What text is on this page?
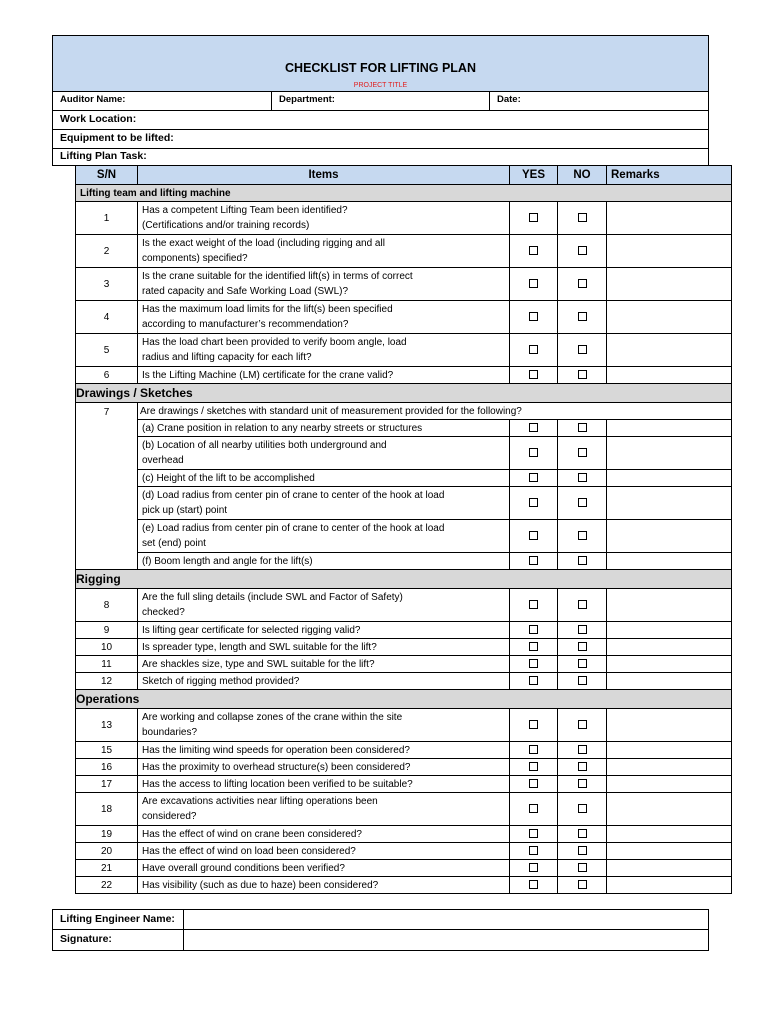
CHECKLIST FOR LIFTING PLAN
PROJECT TITLE
Auditor Name:	Department:	Date:
Work Location:
Equipment to be lifted:
Lifting Plan Task:
S/N	Items	YES	NO	Remarks
Lifting team and lifting machine				
1	Has a competent Lifting Team been identified?
(Certifications and/or training records)			

2	Is the exact weight of the load (including rigging and all
components) specified?			

3	Is the crane suitable for the identified lift(s) in terms of correct
rated capacity and Safe Working Load (SWL)?			

4	Has the maximum load limits for the lift(s) been specified
according to manufacturer’s recommendation?			

5	Has the load chart been provided to verify boom angle, load
radius and lifting capacity for each lift?			

6	Is the Lifting Machine (LM) certificate for the crane valid?			

Drawings / Sketches				
7	Are drawings / sketches with standard unit of measurement provided for the following?			

	(a) Crane position in relation to any nearby streets or structures			

	(b) Location of all nearby utilities both underground and
overhead			

	(c) Height of the lift to be accomplished			

	(d) Load radius from center pin of crane to center of the hook at load
pick up (start) point			

	(e) Load radius from center pin of crane to center of the hook at load
set (end) point			

	(f) Boom length and angle for the lift(s)			

Rigging				
8	Are the full sling details (include SWL and Factor of Safety)
checked?			

9	Is lifting gear certificate for selected rigging valid?			

10	Is spreader type, length and SWL suitable for the lift?			

11	Are shackles size, type and SWL suitable for the lift?			

12	Sketch of rigging method provided?			

Operations				
13	Are working and collapse zones of the crane within the site
boundaries?			

15	Has the limiting wind speeds for operation been considered?			

16	Has the proximity to overhead structure(s) been considered?			

17	Has the access to lifting location been verified to be suitable?			

18	Are excavations activities near lifting operations been
considered?			

19	Has the effect of wind on crane been considered?			

20	Has the effect of wind on load been considered?			

21	Have overall ground conditions been verified?			

22	Has visibility (such as due to haze) been considered?			

Lifting Engineer Name:
Signature:
